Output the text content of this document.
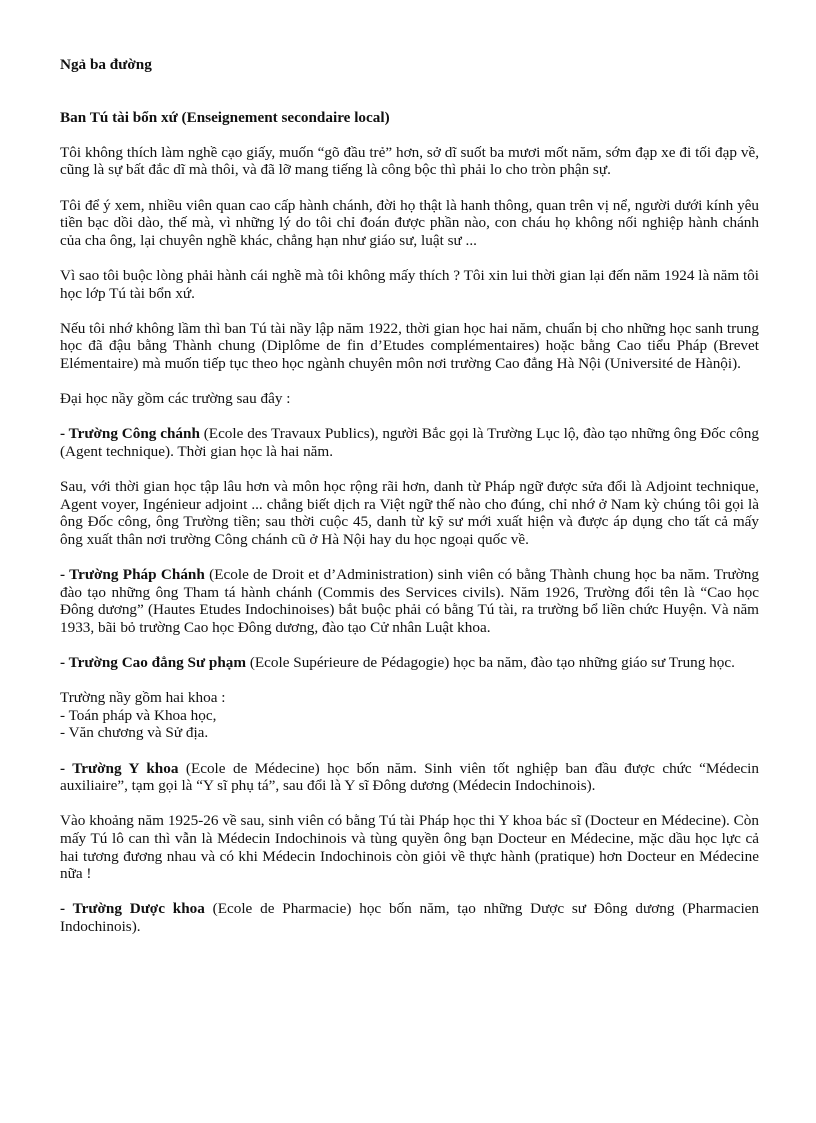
Ngả ba đường

Ban Tú tài bổn xứ (Enseignement secondaire local)

Tôi không thích làm nghề cạo giấy, muốn “gõ đầu trẻ” hơn, sở dĩ suốt ba mươi mốt năm, sớm đạp xe đi tối đạp về, cũng là sự bất đắc dĩ mà thôi, và đã lỡ mang tiếng là công bộc thì phải lo cho tròn phận sự.

Tôi để ý xem, nhiều viên quan cao cấp hành chánh, đời họ thật là hanh thông, quan trên vị nể, người dưới kính yêu tiền bạc dồi dào, thế mà, vì những lý do tôi chỉ đoán được phần nào, con cháu họ không nối nghiệp hành chánh của cha ông, lại chuyên nghề khác, chẳng hạn như giáo sư, luật sư ...

Vì sao tôi buộc lòng phải hành cái nghề mà tôi không mấy thích ? Tôi xin lui thời gian lại đến năm 1924 là năm tôi học lớp Tú tài bổn xứ.

Nếu tôi nhớ không lầm thì ban Tú tài nầy lập năm 1922, thời gian học hai năm, chuẩn bị cho những học sanh trung học đã đậu bằng Thành chung (Diplôme de fin d’Etudes complémentaires) hoặc bằng Cao tiểu Pháp (Brevet Elémentaire) mà muốn tiếp tục theo học ngành chuyên môn nơi trường Cao đẳng Hà Nội (Université de Hànội).

Đại học nầy gồm các trường sau đây :

- Trường Công chánh (Ecole des Travaux Publics), người Bắc gọi là Trường Lục lộ, đào tạo những ông Đốc công (Agent technique). Thời gian học là hai năm.

Sau, với thời gian học tập lâu hơn và môn học rộng rãi hơn, danh từ Pháp ngữ được sửa đổi là Adjoint technique, Agent voyer, Ingénieur adjoint ... chẳng biết dịch ra Việt ngữ thế nào cho đúng, chỉ nhớ ở Nam kỳ chúng tôi gọi là ông Đốc công, ông Trường tiền; sau thời cuộc 45, danh từ kỹ sư mới xuất hiện và được áp dụng cho tất cả mấy ông xuất thân nơi trường Công chánh cũ ở Hà Nội hay du học ngoại quốc về.

- Trường Pháp Chánh (Ecole de Droit et d’Administration) sinh viên có bằng Thành chung học ba năm. Trường đào tạo những ông Tham tá hành chánh (Commis des Services civils). Năm 1926, Trường đổi tên là “Cao học Đông dương” (Hautes Etudes Indochinoises) bắt buộc phải có bằng Tú tài, ra trường bổ liền chức Huyện. Và năm 1933, bãi bỏ trường Cao học Đông dương, đào tạo Cử nhân Luật khoa.

- Trường Cao đẳng Sư phạm (Ecole Supérieure de Pédagogie) học ba năm, đào tạo những giáo sư Trung học.

Trường nầy gồm hai khoa :

- Toán pháp và Khoa học,

- Văn chương và Sử địa.

- Trường Y khoa (Ecole de Médecine) học bốn năm. Sinh viên tốt nghiệp ban đầu được chức “Médecin auxiliaire”, tạm gọi là “Y sĩ phụ tá”, sau đổi là Y sĩ Đông dương (Médecin Indochinois).

Vào khoảng năm 1925-26 về sau, sinh viên có bằng Tú tài Pháp học thi Y khoa bác sĩ (Docteur en Médecine). Còn mấy Tú lô can thì vẫn là Médecin Indochinois và tùng quyền ông bạn Docteur en Médecine, mặc dầu học lực cả hai tương đương nhau và có khi Médecin Indochinois còn giỏi về thực hành (pratique) hơn Docteur en Médecine nữa !

- Trường Dược khoa (Ecole de Pharmacie) học bốn năm, tạo những Dược sư Đông dương (Pharmacien Indochinois).
